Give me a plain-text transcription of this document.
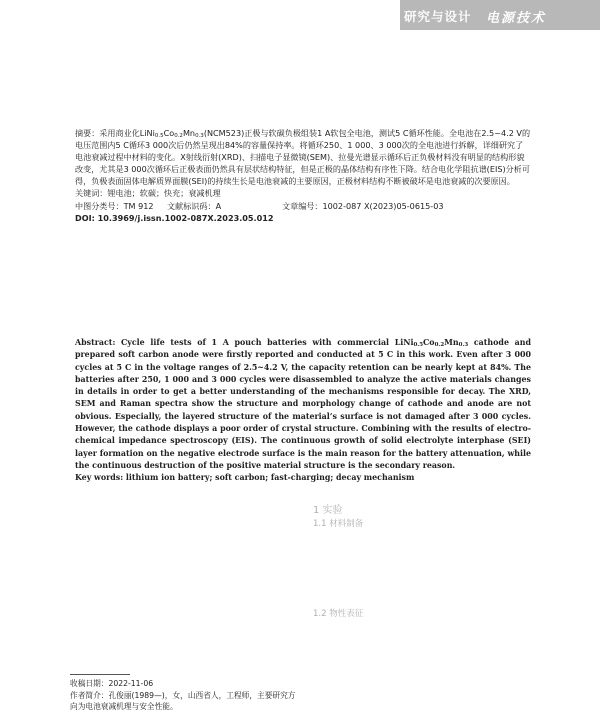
研究与设计 电源技术

摘要：采用商业化$LiNi_{0.5}Co_{0.2}Mn_{0.3}(NCM523)$正极与软碳负极组装1 A软包全电池，测试5 C循环性能。全电池在2.5~4.2 V的电压范围内5 C循环3 000次后仍然呈现出84%的容量保持率。将循环250、1 000、3 000次的全电池进行拆解，详细研究了电池衰减过程中材料的变化。X射线衍射(XRD)、扫描电子显微镜(SEM)、拉曼光谱显示循环后正负极材料没有明显的结构形貌改变，尤其是3 000次循环后正极表面仍然具有层状结构特征，但是正极的晶体结构有序性下降。结合电化学阻抗谱(EIS)分析可得，负极表面固体电解质界面膜(SEI)的持续生长是电池衰减的主要原因，正极材料结构不断被破坏是电池衰减的次要原因。

关键词：锂电池；软碳；快充；衰减机理

中图分类号：TM 912 文献标识码：A	文章编号：1002-087 X(2023)05-0615-03

DOI: 10.3969/j.issn.1002-087X.2023.05.012

Abstract: Cycle life tests of 1 A pouch batteries with commercial $LiNi_{0.5}Co_{0.2}Mn_{0.3}$ cathode and prepared soft carbon anode were firstly reported and conducted at 5 C in this work. Even after 3 000 cycles at 5 C in the voltage ranges of 2.5~4.2 V, the capacity retention can be nearly kept at 84%. The batteries after 250, 1 000 and 3 000 cycles were disassembled to analyze the active materials changes in details in order to get a better understanding of the mechanisms responsible for decay. The XRD, SEM and Raman spectra show the structure and morphology change of cathode and anode are not obvious. Especially, the layered structure of the material’s surface is not damaged after 3 000 cycles. However, the cathode displays a poor order of crystal structure. Combining with the results of electro-chemical impedance spectroscopy (EIS). The continuous growth of solid electrolyte interphase (SEI) layer formation on the negative electrode surface is the main reason for the battery attenuation, while the continuous destruction of the positive material structure is the secondary reason.

Key words: lithium ion battery; soft carbon; fast-charging; decay mechanism

1 实验
1.1 材料制备
1.2 物性表征

收稿日期：2022-11-06

作者简介：孔俊丽(1989—)，女，山西省人，工程师，主要研究方向为电池衰减机理与安全性能。
